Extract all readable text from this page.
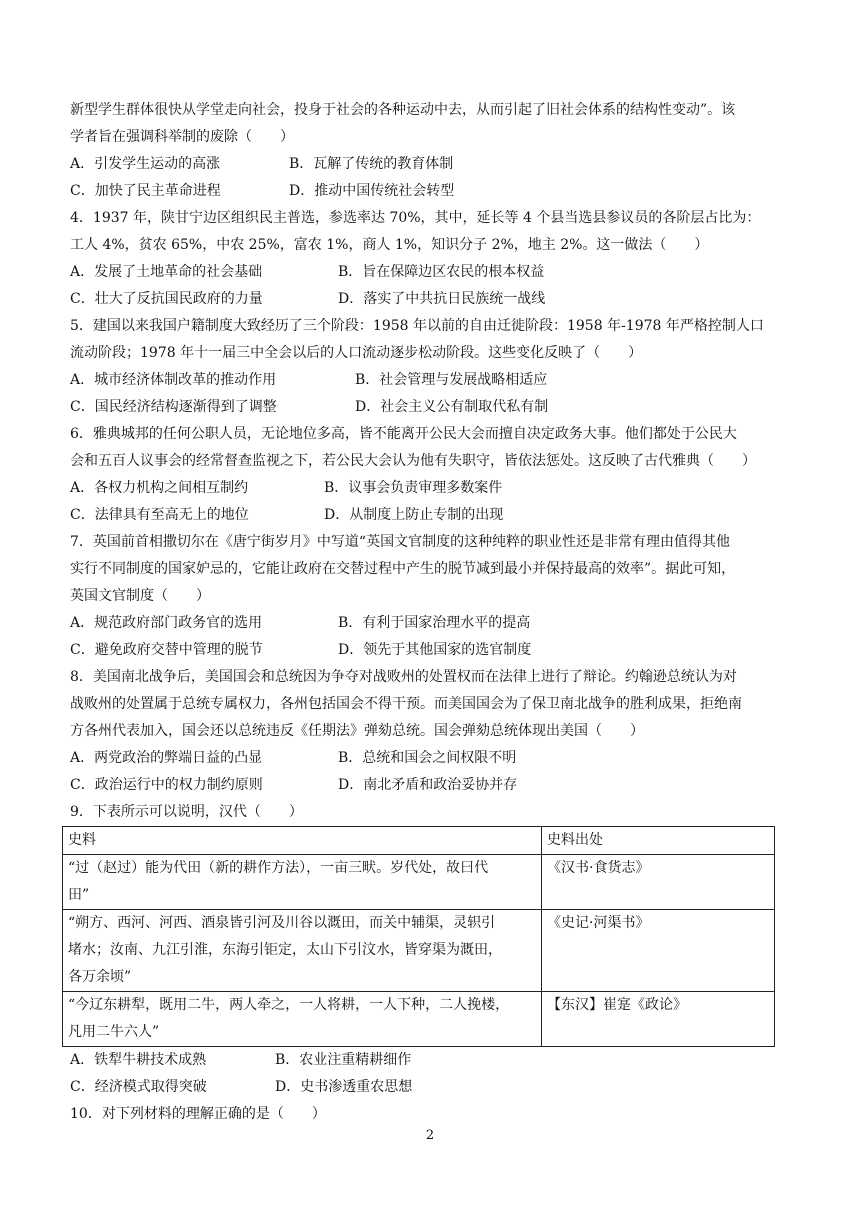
新型学生群体很快从学堂走向社会，投身于社会的各种运动中去，从而引起了旧社会体系的结构性变动”。该
学者旨在强调科举制的废除（　　）
A．引发学生运动的高涨	B．瓦解了传统的教育体制
C．加快了民主革命进程	D．推动中国传统社会转型
4．1937 年，陕甘宁边区组织民主普选，参选率达 70%，其中，延长等 4 个县当选县参议员的各阶层占比为：
工人 4%，贫农 65%，中农 25%，富农 1%，商人 1%，知识分子 2%，地主 2%。这一做法（　　）
A．发展了土地革命的社会基础	B．旨在保障边区农民的根本权益
C．壮大了反抗国民政府的力量	D．落实了中共抗日民族统一战线
5．建国以来我国户籍制度大致经历了三个阶段：1958 年以前的自由迁徙阶段：1958 年-1978 年严格控制人口
流动阶段；1978 年十一届三中全会以后的人口流动逐步松动阶段。这些变化反映了（　　）
A．城市经济体制改革的推动作用	B．社会管理与发展战略相适应
C．国民经济结构逐渐得到了调整	D．社会主义公有制取代私有制
6．雅典城邦的任何公职人员，无论地位多高，皆不能离开公民大会而擅自决定政务大事。他们都处于公民大
会和五百人议事会的经常督查监视之下，若公民大会认为他有失职守，皆依法惩处。这反映了古代雅典（　　）
A．各权力机构之间相互制约	B．议事会负责审理多数案件
C．法律具有至高无上的地位	D．从制度上防止专制的出现
7．英国前首相撒切尔在《唐宁街岁月》中写道“英国文官制度的这种纯粹的职业性还是非常有理由值得其他
实行不同制度的国家妒忌的，它能让政府在交替过程中产生的脱节减到最小并保持最高的效率”。据此可知，
英国文官制度（　　）
A．规范政府部门政务官的选用	B．有利于国家治理水平的提高
C．避免政府交替中管理的脱节	D．领先于其他国家的选官制度
8．美国南北战争后，美国国会和总统因为争夺对战败州的处置权而在法律上进行了辩论。约翰逊总统认为对
战败州的处置属于总统专属权力，各州包括国会不得干预。而美国国会为了保卫南北战争的胜利成果，拒绝南
方各州代表加入，国会还以总统违反《任期法》弹劾总统。国会弹劾总统体现出美国（　　）
A．两党政治的弊端日益的凸显	B．总统和国会之间权限不明
C．政治运行中的权力制约原则	D．南北矛盾和政治妥协并存
9．下表所示可以说明，汉代（　　）
史料	史料出处

“过（赵过）能为代田（新的耕作方法），一亩三畎。岁代处，故曰代
田”	《汉书·食货志》

“朔方、西河、河西、酒泉皆引河及川谷以溉田，而关中辅渠，灵轵引
堵水；汝南、九江引淮，东海引钜定，太山下引汶水，皆穿渠为溉田，
各万余顷”	《史记·河渠书》

“今辽东耕犁，既用二牛，两人牵之，一人将耕，一人下种，二人挽楼，
凡用二牛六人”	【东汉】崔寔《政论》
A．铁犁牛耕技术成熟	B．农业注重精耕细作
C．经济模式取得突破	D．史书渗透重农思想
10．对下列材料的理解正确的是（　　）
2
